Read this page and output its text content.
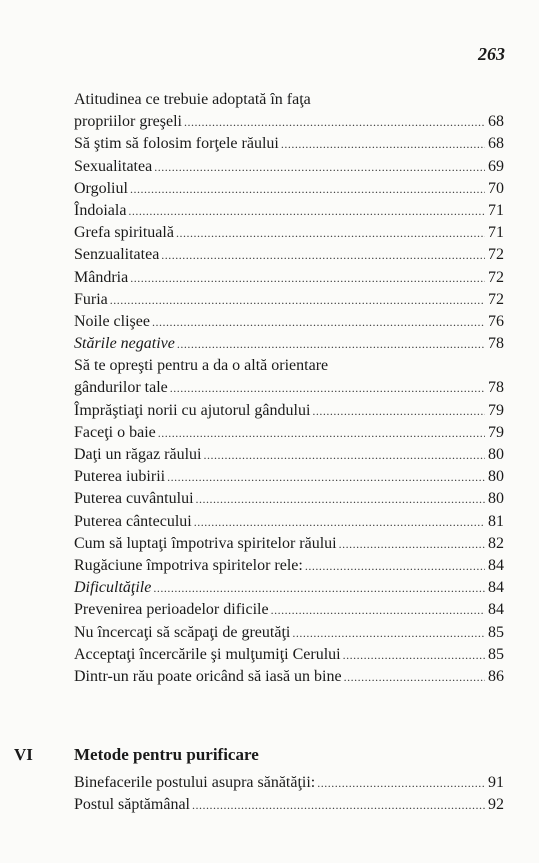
263
Atitudinea ce trebuie adoptată în faţa
propriilor greşeli .....	68
Să ştim să folosim forţele răului .....	68
Sexualitatea .....	69
Orgoliul .....	70
Îndoiala .....	71
Grefa spirituală .....	71
Senzualitatea .....	72
Mândria .....	72
Furia .....	72
Noile clişee .....	76
Stările negative .....	78
Să te opreşti pentru a da o altă orientare
gândurilor tale .....	78
Împrăştiaţi norii cu ajutorul gândului .....	79
Faceţi o baie .....	79
Daţi un răgaz răului .....	80
Puterea iubirii .....	80
Puterea cuvântului .....	80
Puterea cântecului .....	81
Cum să luptaţi împotriva spiritelor răului .....	82
Rugăciune împotriva spiritelor rele: .....	84
Dificultăţile .....	84
Prevenirea perioadelor dificile .....	84
Nu încercaţi să scăpaţi de greutăţi .....	85
Acceptaţi încercările şi mulţumiţi Cerului .....	85
Dintr-un rău poate oricând să iasă un bine .....	86
VI	Metode pentru purificare
Binefacerile postului asupra sănătăţii: .....	91
Postul săptămânal .....	92
